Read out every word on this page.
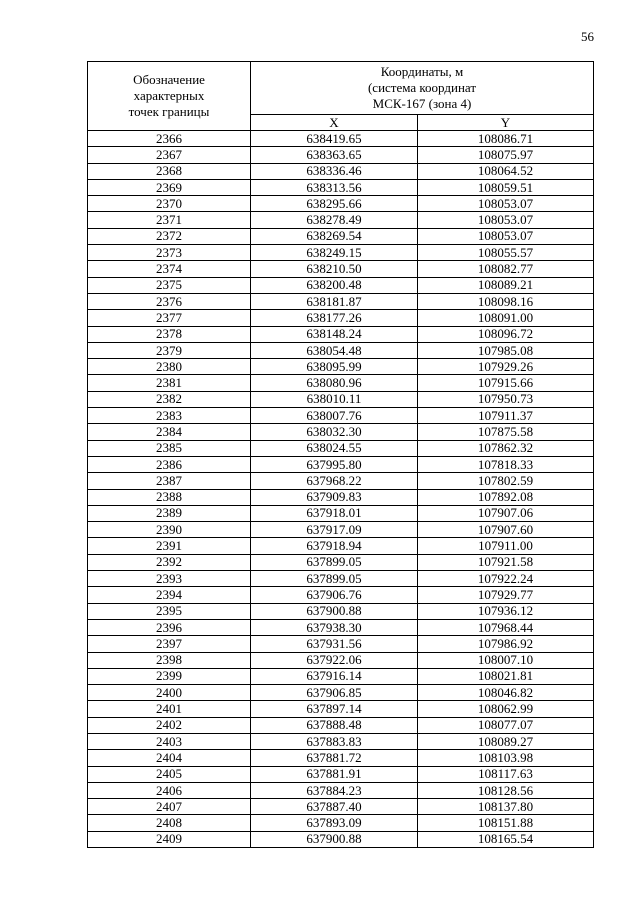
56
Обозначение
характерных
точек границы	Координаты, м
(система координат
МСК-167 (зона 4)	

	X	Y
2366	638419.65	108086.71
2367	638363.65	108075.97
2368	638336.46	108064.52
2369	638313.56	108059.51
2370	638295.66	108053.07
2371	638278.49	108053.07
2372	638269.54	108053.07
2373	638249.15	108055.57
2374	638210.50	108082.77
2375	638200.48	108089.21
2376	638181.87	108098.16
2377	638177.26	108091.00
2378	638148.24	108096.72
2379	638054.48	107985.08
2380	638095.99	107929.26
2381	638080.96	107915.66
2382	638010.11	107950.73
2383	638007.76	107911.37
2384	638032.30	107875.58
2385	638024.55	107862.32
2386	637995.80	107818.33
2387	637968.22	107802.59
2388	637909.83	107892.08
2389	637918.01	107907.06
2390	637917.09	107907.60
2391	637918.94	107911.00
2392	637899.05	107921.58
2393	637899.05	107922.24
2394	637906.76	107929.77
2395	637900.88	107936.12
2396	637938.30	107968.44
2397	637931.56	107986.92
2398	637922.06	108007.10
2399	637916.14	108021.81
2400	637906.85	108046.82
2401	637897.14	108062.99
2402	637888.48	108077.07
2403	637883.83	108089.27
2404	637881.72	108103.98
2405	637881.91	108117.63
2406	637884.23	108128.56
2407	637887.40	108137.80
2408	637893.09	108151.88
2409	637900.88	108165.54
